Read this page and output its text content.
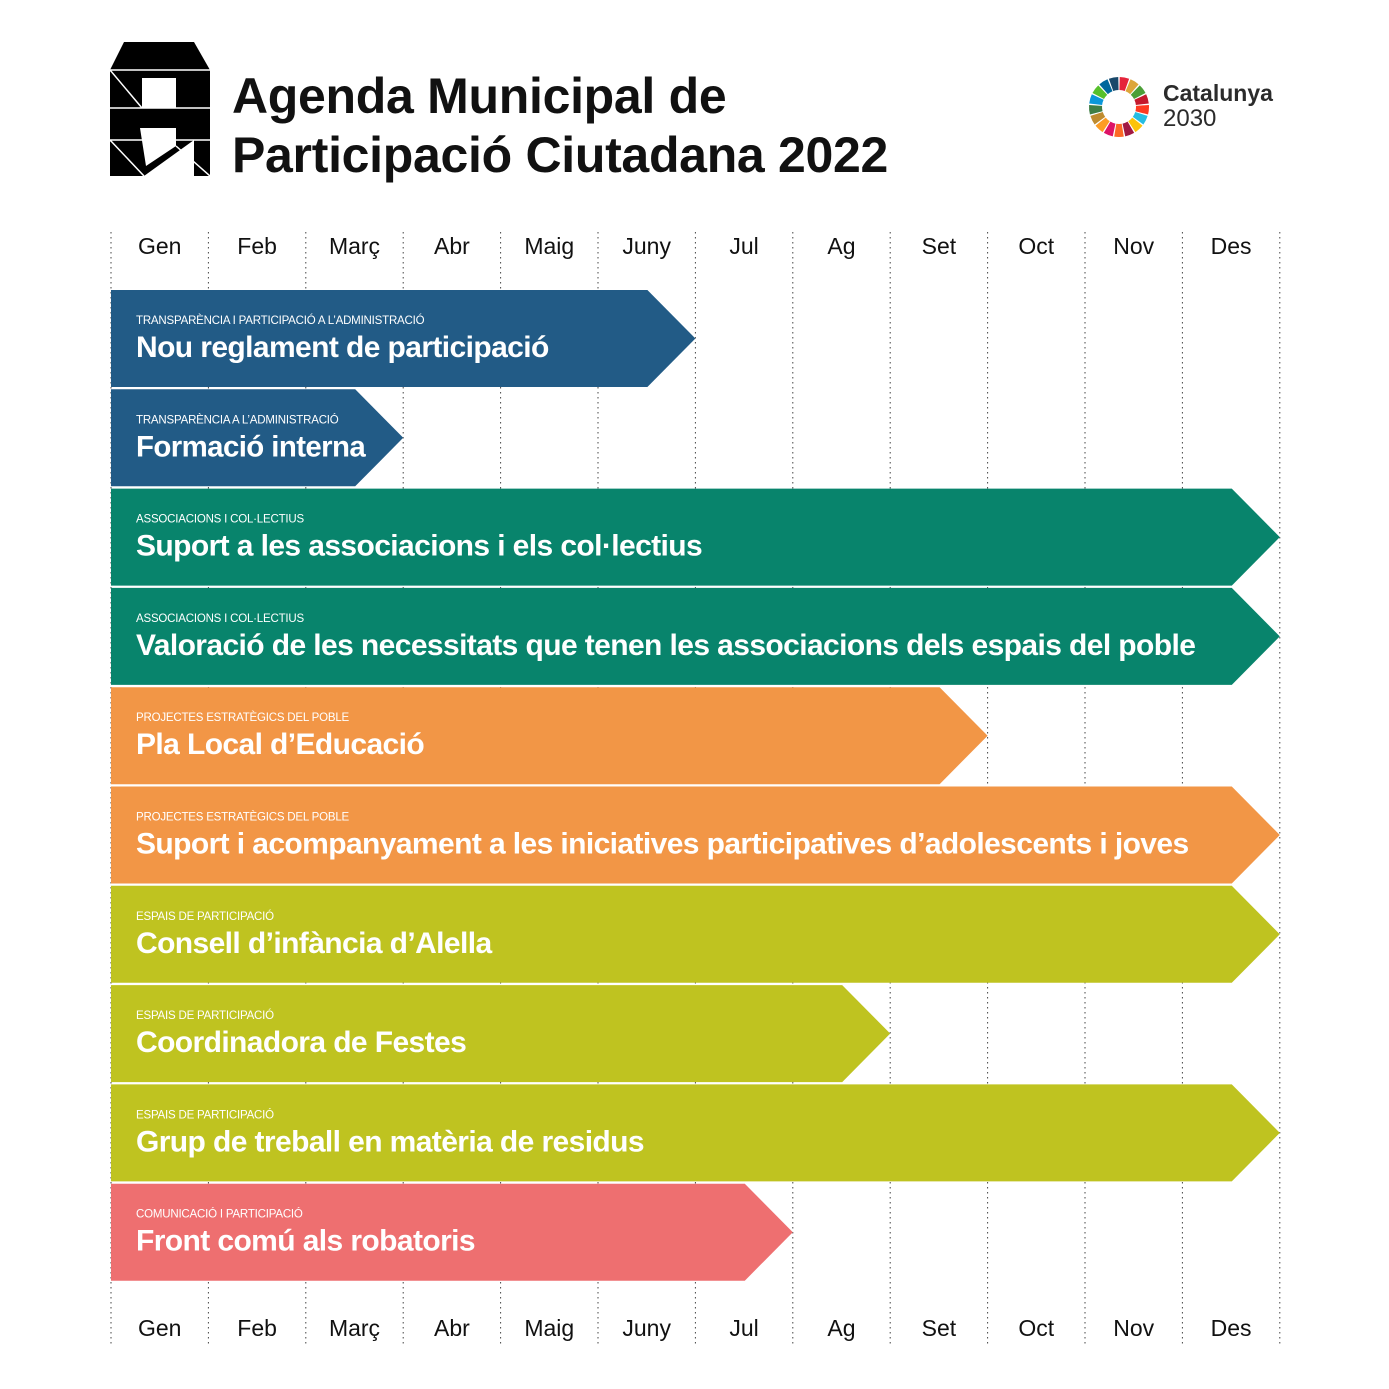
Agenda Municipal de
Participació Ciutadana 2022
Catalunya
2030
Gen
Gen
Feb
Feb
Març
Març
Abr
Abr
Maig
Maig
Juny
Juny
Jul
Jul
Ag
Ag
Set
Set
Oct
Oct
Nov
Nov
Des
Des
TRANSPARÈNCIA I PARTICIPACIÓ A L’ADMINISTRACIÓ
Nou reglament de participació
TRANSPARÈNCIA A L’ADMINISTRACIÓ
Formació interna
ASSOCIACIONS I COL·LECTIUS
Suport a les associacions i els col·lectius
ASSOCIACIONS I COL·LECTIUS
Valoració de les necessitats que tenen les associacions dels espais del poble
PROJECTES ESTRATÈGICS DEL POBLE
Pla Local d’Educació
PROJECTES ESTRATÈGICS DEL POBLE
Suport i acompanyament a les iniciatives participatives d’adolescents i joves
ESPAIS DE PARTICIPACIÓ
Consell d’infància d’Alella
ESPAIS DE PARTICIPACIÓ
Coordinadora de Festes
ESPAIS DE PARTICIPACIÓ
Grup de treball en matèria de residus
COMUNICACIÓ I PARTICIPACIÓ
Front comú als robatoris
